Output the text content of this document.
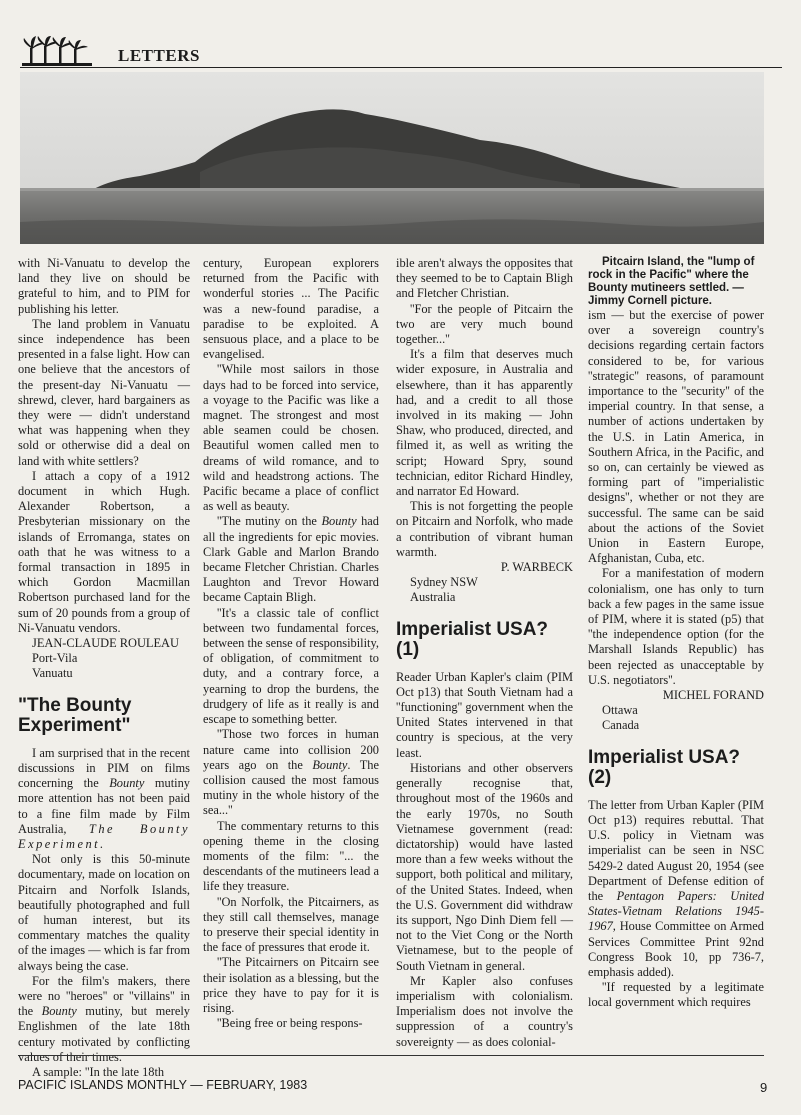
LETTERS

with Ni-Vanuatu to develop the land they live on should be grateful to him, and to PIM for publishing his letter.

The land problem in Vanuatu since independence has been presented in a false light. How can one believe that the ancestors of the present-day Ni-Vanuatu — shrewd, clever, hard bargainers as they were — didn't understand what was happening when they sold or otherwise did a deal on land with white settlers?

I attach a copy of a 1912 document in which Hugh. Alexander Robertson, a Presbyterian missionary on the islands of Erromanga, states on oath that he was witness to a formal transaction in 1895 in which Gordon Macmillan Robertson purchased land for the sum of 20 pounds from a group of Ni-Vanuatu vendors.

JEAN-CLAUDE ROULEAU

Port-Vila

Vanuatu

"The Bounty Experiment"

I am surprised that in the recent discussions in PIM on films concerning the Bounty mutiny more attention has not been paid to a fine film made by Film Australia, The Bounty Experiment.

Not only is this 50-minute documentary, made on location on Pitcairn and Norfolk Islands, beautifully photographed and full of human interest, but its commentary matches the quality of the images — which is far from always being the case.

For the film's makers, there were no ''heroes'' or ''villains'' in the Bounty mutiny, but merely Englishmen of the late 18th century motivated by conflicting values of their times.

A sample: ''In the late 18th

century, European explorers returned from the Pacific with wonderful stories ... The Pacific was a new-found paradise, a paradise to be exploited. A sensuous place, and a place to be evangelised.

''While most sailors in those days had to be forced into service, a voyage to the Pacific was like a magnet. The strongest and most able seamen could be chosen. Beautiful women called men to dreams of wild romance, and to wild and headstrong actions. The Pacific became a place of conflict as well as beauty.

''The mutiny on the Bounty had all the ingredients for epic movies. Clark Gable and Marlon Brando became Fletcher Christian. Charles Laughton and Trevor Howard became Captain Bligh.

''It's a classic tale of conflict between two fundamental forces, between the sense of responsibility, of obligation, of commitment to duty, and a contrary force, a yearning to drop the burdens, the drudgery of life as it really is and escape to something better.

''Those two forces in human nature came into collision 200 years ago on the Bounty. The collision caused the most famous mutiny in the whole history of the sea...''

The commentary returns to this opening theme in the closing moments of the film: ''... the descendants of the mutineers lead a life they treasure.

''On Norfolk, the Pitcairners, as they still call themselves, manage to preserve their special identity in the face of pressures that erode it.

''The Pitcairners on Pitcairn see their isolation as a blessing, but the price they have to pay for it is rising.

''Being free or being respons-

ible aren't always the opposites that they seemed to be to Captain Bligh and Fletcher Christian.

''For the people of Pitcairn the two are very much bound together...''

It's a film that deserves much wider exposure, in Australia and elsewhere, than it has apparently had, and a credit to all those involved in its making — John Shaw, who produced, directed, and filmed it, as well as writing the script; Howard Spry, sound technician, editor Richard Hindley, and narrator Ed Howard.

This is not forgetting the people on Pitcairn and Norfolk, who made a contribution of vibrant human warmth.

P. WARBECK

Sydney NSW

Australia

Imperialist USA? (1)

Reader Urban Kapler's claim (PIM Oct p13) that South Vietnam had a ''functioning'' government when the United States intervened in that country is specious, at the very least.

Historians and other observers generally recognise that, throughout most of the 1960s and the early 1970s, no South Vietnamese government (read: dictatorship) would have lasted more than a few weeks without the support, both political and military, of the United States. Indeed, when the U.S. Government did withdraw its support, Ngo Dinh Diem fell — not to the Viet Cong or the North Vietnamese, but to the people of South Vietnam in general.

Mr Kapler also confuses imperialism with colonialism. Imperialism does not involve the suppression of a country's sovereignty — as does colonial-

Pitcairn Island, the "lump of rock in the Pacific" where the Bounty mutineers settled. — Jimmy Cornell picture.

ism — but the exercise of power over a sovereign country's decisions regarding certain factors considered to be, for various ''strategic'' reasons, of paramount importance to the ''security'' of the imperial country. In that sense, a number of actions undertaken by the U.S. in Latin America, in Southern Africa, in the Pacific, and so on, can certainly be viewed as forming part of ''imperialistic designs'', whether or not they are successful. The same can be said about the actions of the Soviet Union in Eastern Europe, Afghanistan, Cuba, etc.

For a manifestation of modern colonialism, one has only to turn back a few pages in the same issue of PIM, where it is stated (p5) that ''the independence option (for the Marshall Islands Republic) has been rejected as unacceptable by U.S. negotiators''.

MICHEL FORAND

Ottawa

Canada

Imperialist USA? (2)

The letter from Urban Kapler (PIM Oct p13) requires rebuttal. That U.S. policy in Vietnam was imperialist can be seen in NSC 5429-2 dated August 20, 1954 (see Department of Defense edition of the Pentagon Papers: United States-Vietnam Relations 1945-1967, House Committee on Armed Services Committee Print 92nd Congress Book 10, pp 736-7, emphasis added).

''If requested by a legitimate local government which requires

PACIFIC ISLANDS MONTHLY — FEBRUARY, 1983	9
